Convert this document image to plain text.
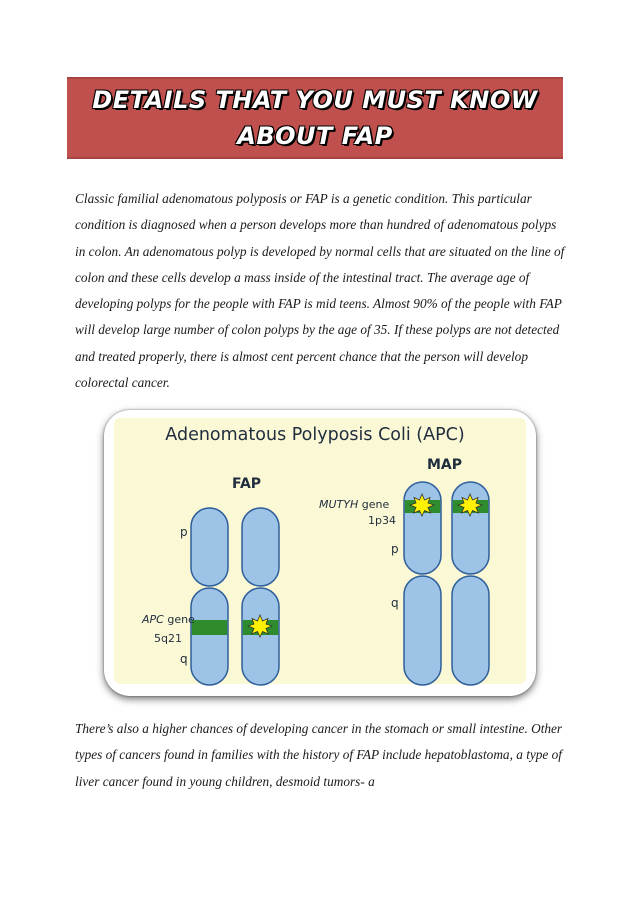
DETAILS THAT YOU MUST KNOW ABOUT FAP

Classic familial adenomatous polyposis or FAP is a genetic condition. This particular condition is diagnosed when a person develops more than hundred of adenomatous polyps in colon. An adenomatous polyp is developed by normal cells that are situated on the line of colon and these cells develop a mass inside of the intestinal tract. The average age of developing polyps for the people with FAP is mid teens. Almost 90% of the people with FAP will develop large number of colon polyps by the age of 35. If these polyps are not detected and treated properly, there is almost cent percent chance that the person will develop colorectal cancer.

Adenomatous Polyposis Coli (APC)
FAP
MAP
p
APC gene
5q21
q
MUTYH gene
1p34
p
q

There’s also a higher chances of developing cancer in the stomach or small intestine. Other types of cancers found in families with the history of FAP include hepatoblastoma, a type of liver cancer found in young children, desmoid tumors- a
